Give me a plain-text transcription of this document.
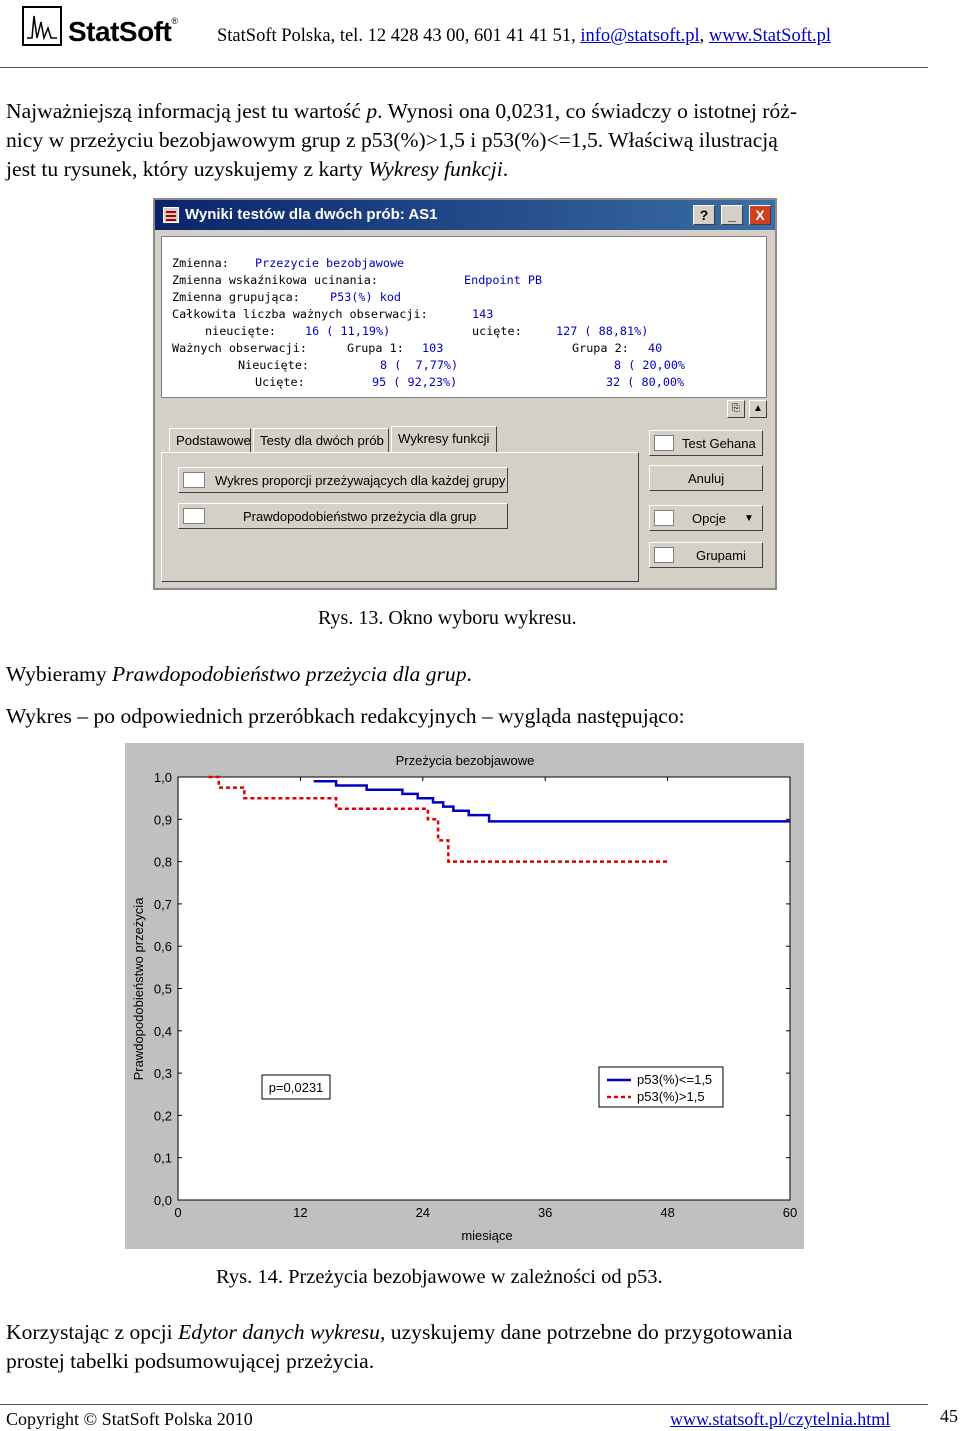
StatSoft®
StatSoft Polska, tel. 12 428 43 00, 601 41 41 51, info@statsoft.pl, www.StatSoft.pl
Najważniejszą informacją jest tu wartość p. Wynosi ona 0,0231, co świadczy o istotnej róż-
nicy w przeżyciu bezobjawowym grup z p53(%)>1,5 i p53(%)<=1,5. Właściwą ilustracją
jest tu rysunek, który uzyskujemy z karty Wykresy funkcji.
Wyniki testów dla dwóch prób: AS1	?	_	X
Zmienna: Przezycie bezobjawowe
Zmienna wskaźnikowa ucinania:	Endpoint PB
Zmienna grupująca:	P53(%) kod
Całkowita liczba ważnych obserwacji:	143
nieucięte: 16 ( 11,19%)	ucięte:	127 ( 88,81%)
Ważnych obserwacji:	Grupa 1: 103	Grupa 2: 40
Nieucięte:	8 (  7,77%)	8 ( 20,00%
Ucięte:	95 ( 92,23%)	32 ( 80,00%
⎘	▲
Podstawowe Testy dla dwóch prób	Wykresy funkcji
Wykres proporcji przeżywających dla każdej grupy
Prawdopodobieństwo przeżycia dla grup
Test Gehana
Anuluj
Opcje ▼
Grupami
Rys. 13. Okno wyboru wykresu.
Wybieramy Prawdopodobieństwo przeżycia dla grup.
Wykres – po odpowiednich przeróbkach redakcyjnych – wygląda następująco:
Przeżycia bezobjawowe
0,0
0,1
0,2
0,3
0,4
0,5
0,6
0,7
0,8
0,9
1,0
0	12	24	36	48	60
Prawdopodobieństwo przeżycia
miesiące
p=0,0231
p53(%)<=1,5
p53(%)>1,5
Rys. 14. Przeżycia bezobjawowe w zależności od p53.
Korzystając z opcji Edytor danych wykresu, uzyskujemy dane potrzebne do przygotowania
prostej tabelki podsumowującej przeżycia.
Copyright © StatSoft Polska 2010	www.statsoft.pl/czytelnia.html	45
